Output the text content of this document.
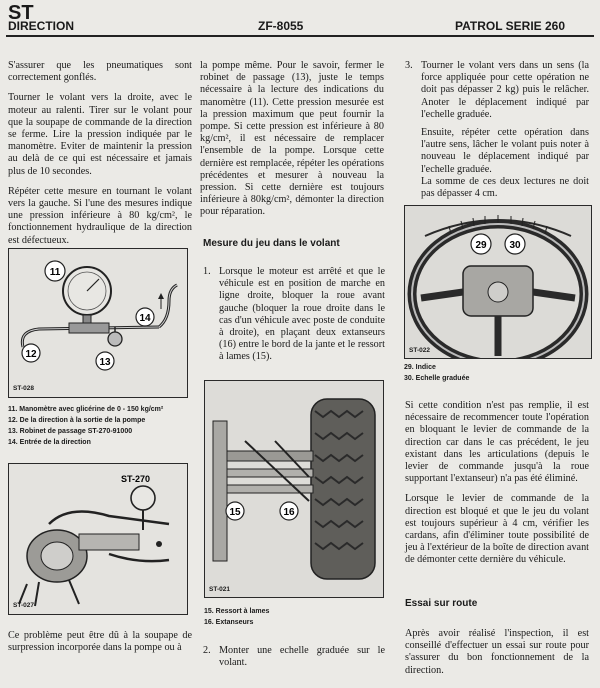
ST
DIRECTION	ZF-8055	PATROL SERIE 260

S'assurer que les pneumatiques sont correctement gonflés.

Tourner le volant vers la droite, avec le moteur au ralenti. Tirer sur le volant pour que la soupape de commande de la direction se ferme. Lire la pression indiquée par le manomètre. Eviter de maintenir la pression au delà de ce qui est nécessaire et jamais plus de 10 secondes.

Répéter cette mesure en tournant le volant vers la gauche. Si l'une des mesures indique une pression inférieure à 80 kg/cm², le fonctionnement hydraulique de la direction est défectueux.

11
12
13
14
ST-028
11. Manomètre avec glicérine de 0 - 150 kg/cm²
12. De la direction à la sortie de la pompe
13. Robinet de passage ST-270-91000
14. Entrée de la direction
ST-270
ST-027

Ce problème peut être dû à la soupape de surpression incorporée dans la pompe ou à

la pompe même. Pour le savoir, fermer le robinet de passage (13), juste le temps nécessaire à la lecture des indications du manomètre (11). Cette pression mesurée est la pression maximum que peut fournir la pompe. Si cette pression est inférieure à 80 kg/cm², il est nécessaire de remplacer l'ensemble de la pompe. Lorsque cette dernière est remplacée, répéter les opérations précédentes et mesurer à nouveau la pression. Si cette dernière est toujours inférieure à 80kg/cm², démonter la direction pour réparation.

Mesure du jeu dans le volant
1. Lorsque le moteur est arrêté et que le véhicule est en position de marche en ligne droite, bloquer la roue avant gauche (bloquer la roue droite dans le cas d'un véhicule avec poste de conduite à droite), en plaçant deux extanseurs (16) entre le bord de la jante et le ressort à lames (15).
15	16
ST-021
15. Ressort à lames
16. Extanseurs
2. Monter une echelle graduée sur le volant.
3. Tourner le volant vers dans un sens (la force appliquée pour cette opération ne doit pas dépasser 2 kg) puis le relâcher. Anoter le déplacement indiqué par l'echelle graduée.

Ensuite, répéter cette opération dans l'autre sens, lâcher le volant puis noter à nouveau le déplacement indiqué par l'echelle graduée.

La somme de ces deux lectures ne doit pas dépasser 4 cm.

29 30
ST-022
29. Indice
30. Echelle graduée

Si cette condition n'est pas remplie, il est nécessaire de recommencer toute l'opération en bloquant le levier de commande de la direction car dans le cas précédent, le jeu existant dans les articulations (depuis le levier de commande jusqu'à la roue supportant l'extanseur) n'a pas été éliminé.

Lorsque le levier de commande de la direction est bloqué et que le jeu du volant est toujours supérieur à 4 cm, vérifier les cardans, afin d'éliminer toute possibilité de jeu à l'extérieur de la boîte de direction avant de démonter cette dernière du véhicule.

Essai sur route

Après avoir réalisé l'inspection, il est conseillé d'effectuer un essai sur route pour s'assurer du bon fonctionnement de la direction.
